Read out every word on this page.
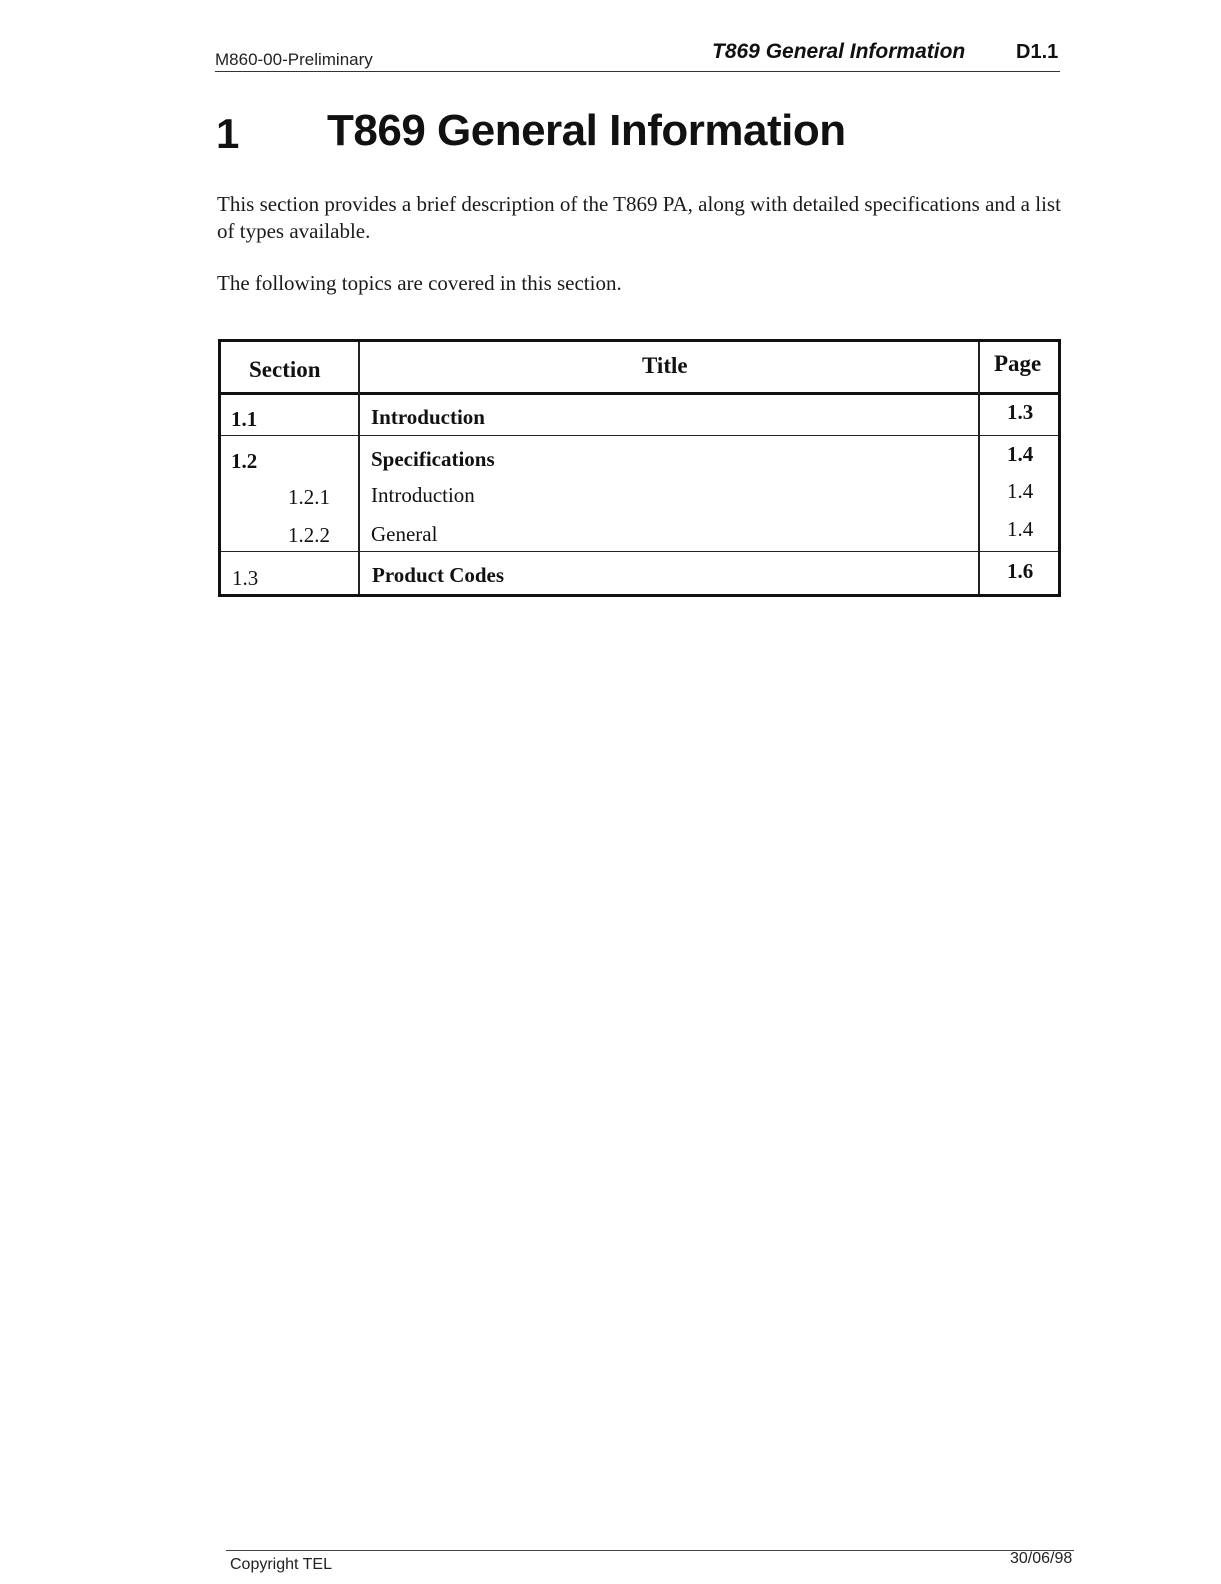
M860-00-Preliminary	T869 General Information	D1.1
1 T869 General Information
This section provides a brief description of the T869 PA, along with detailed specifications and a list of types available.
The following topics are covered in this section.
Section	Title	Page
1.1	Introduction	1.3
1.2	Specifications	1.4
1.2.1 Introduction	1.4
1.2.2 General	1.4
1.3	Product Codes	1.6
Copyright TEL	30/06/98
